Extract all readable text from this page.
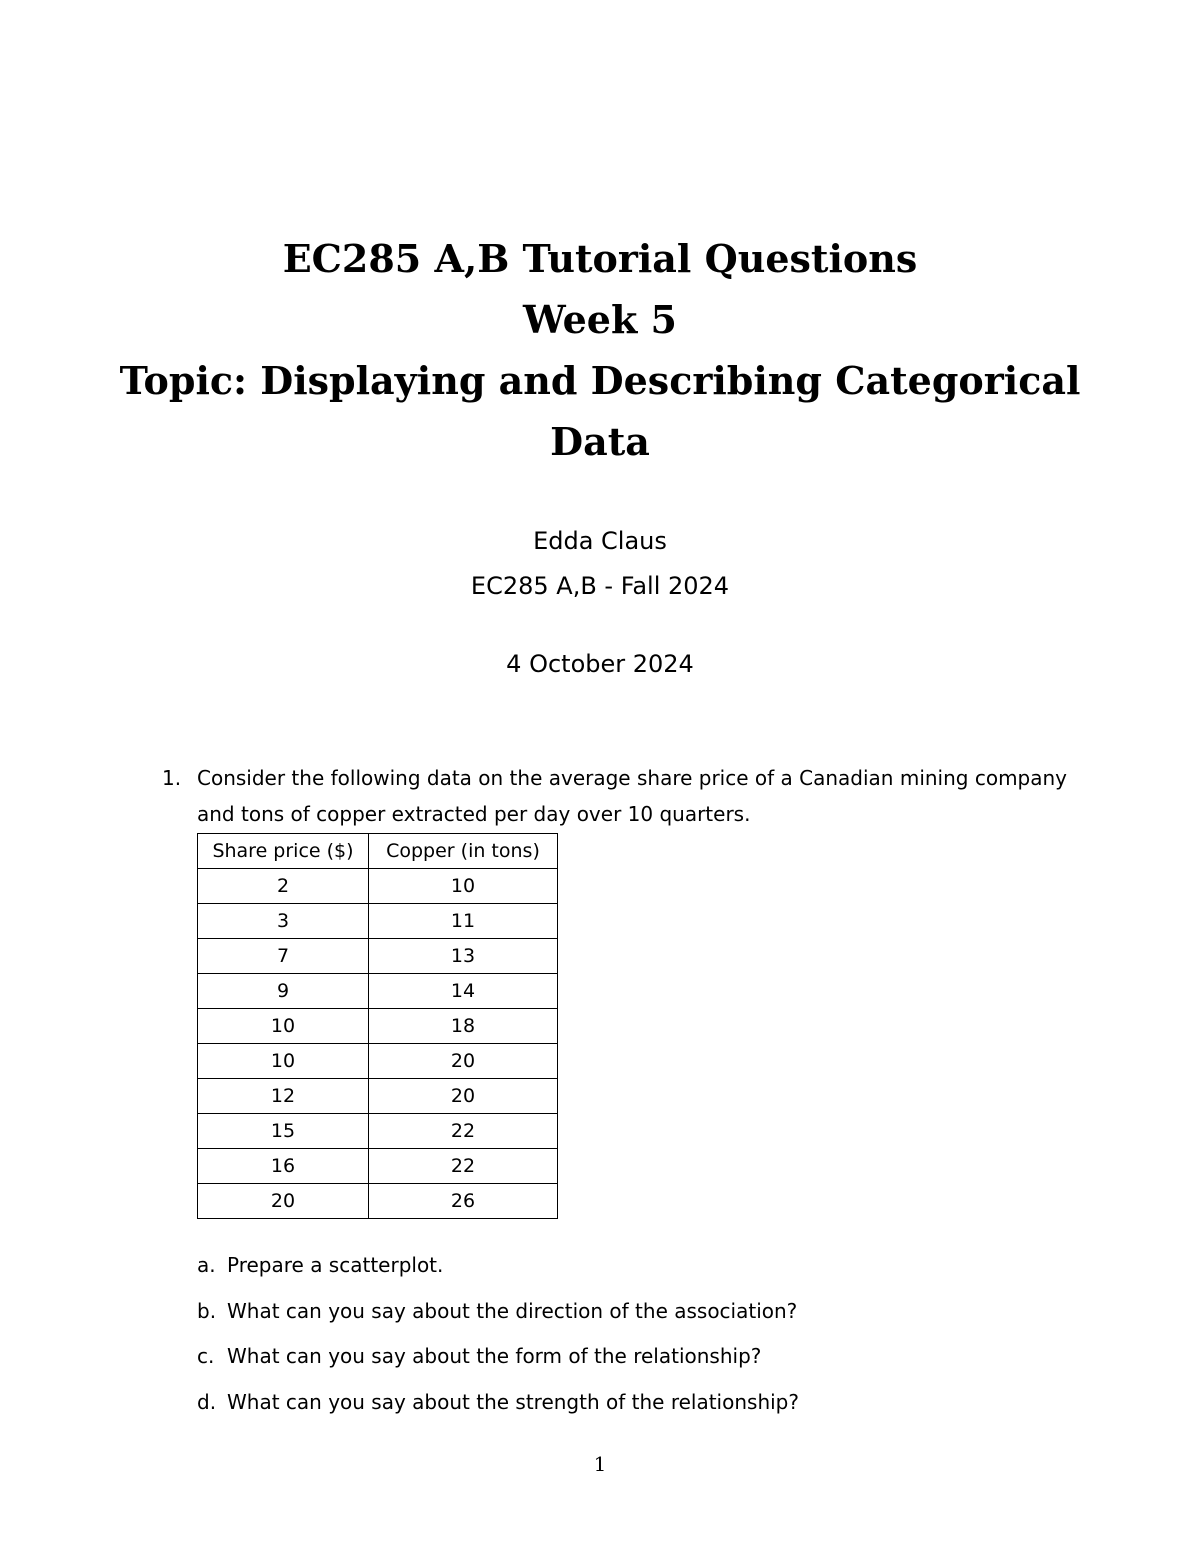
EC285 A,B Tutorial Questions
Week 5
Topic: Displaying and Describing Categorical
Data
Edda Claus
EC285 A,B - Fall 2024
4 October 2024
1. Consider the following data on the average share price of a Canadian mining company and tons of copper extracted per day over 10 quarters.
Share price ($)	Copper (in tons)
2	10
3	11
7	13
9	14
10	18
10	20
12	20
15	22
16	22
20	26
a. Prepare a scatterplot.
b. What can you say about the direction of the association?
c. What can you say about the form of the relationship?
d. What can you say about the strength of the relationship?
1
